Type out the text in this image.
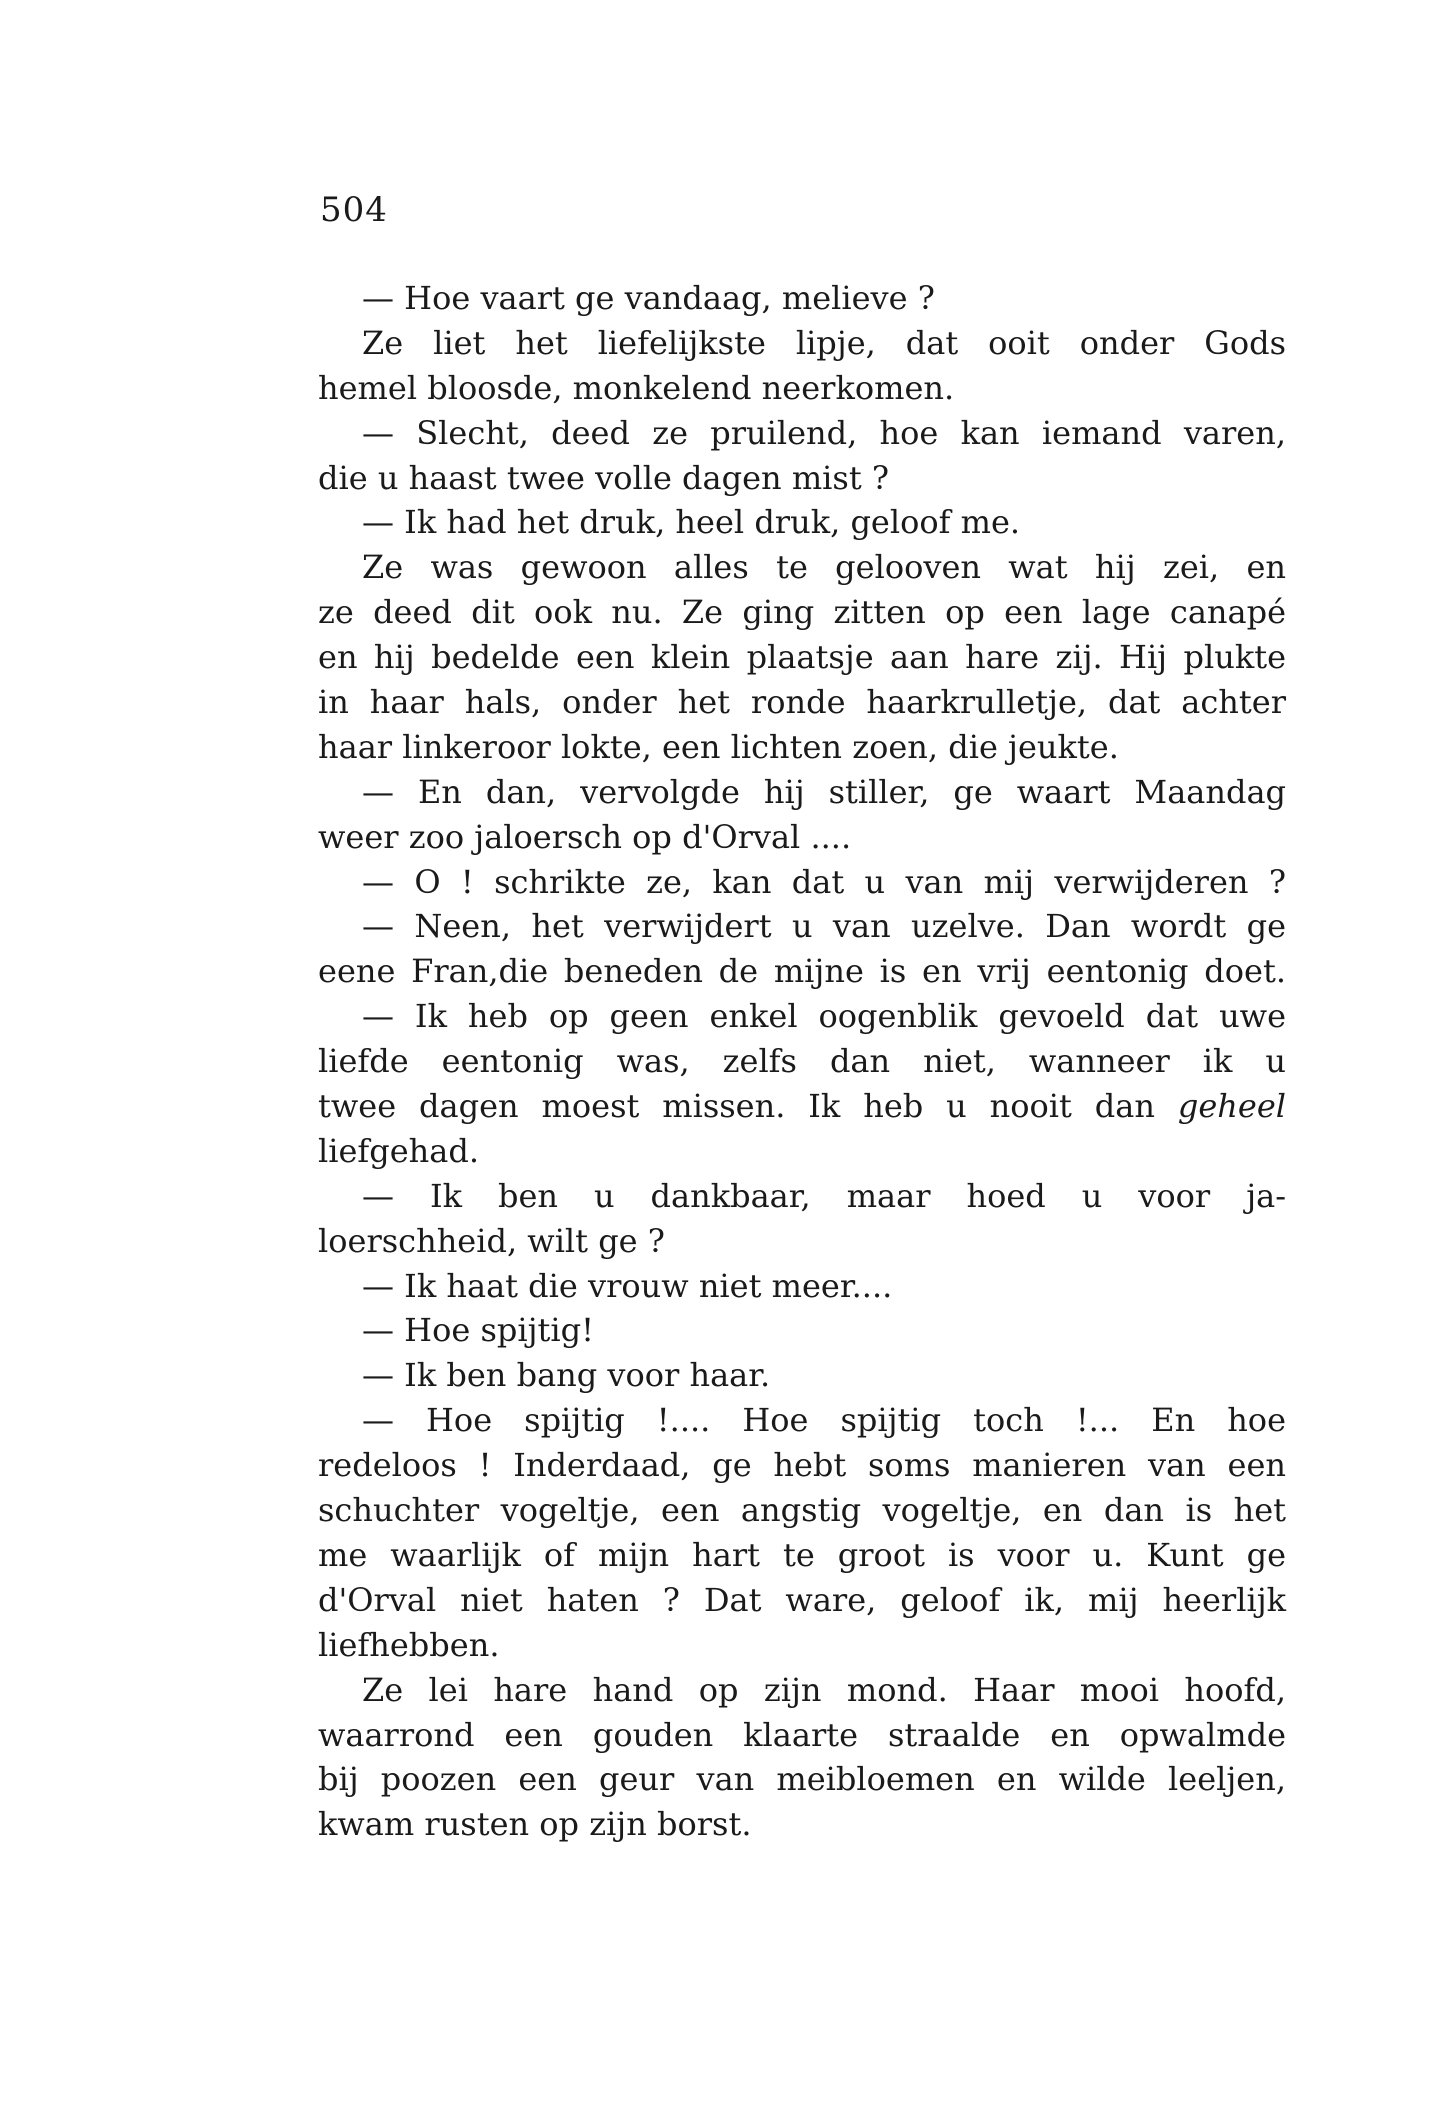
504
— Hoe vaart ge vandaag, melieve ?
Ze liet het liefelijkste lipje, dat ooit onder Gods
hemel bloosde, monkelend neerkomen.
— Slecht, deed ze pruilend, hoe kan iemand varen,
die u haast twee volle dagen mist ?
— Ik had het druk, heel druk, geloof me.
Ze was gewoon alles te gelooven wat hij zei, en
ze deed dit ook nu. Ze ging zitten op een lage canapé
en hij bedelde een klein plaatsje aan hare zij. Hij plukte
in haar hals, onder het ronde haarkrulletje, dat achter
haar linkeroor lokte, een lichten zoen, die jeukte.
— En dan, vervolgde hij stiller, ge waart Maandag
weer zoo jaloersch op d'Orval ....
— O ! schrikte ze, kan dat u van mij verwijderen ?
— Neen, het verwijdert u van uzelve. Dan wordt ge
eene Fran,die beneden de mijne is en vrij eentonig doet.
— Ik heb op geen enkel oogenblik gevoeld dat uwe
liefde eentonig was, zelfs dan niet, wanneer ik u
twee dagen moest missen. Ik heb u nooit dan geheel
liefgehad.
— Ik ben u dankbaar, maar hoed u voor ja-
loerschheid, wilt ge ?
— Ik haat die vrouw niet meer....
— Hoe spijtig!
— Ik ben bang voor haar.
— Hoe spijtig !.... Hoe spijtig toch !... En hoe
redeloos ! Inderdaad, ge hebt soms manieren van een
schuchter vogeltje, een angstig vogeltje, en dan is het
me waarlijk of mijn hart te groot is voor u. Kunt ge
d'Orval niet haten ? Dat ware, geloof ik, mij heerlijk
liefhebben.
Ze lei hare hand op zijn mond. Haar mooi hoofd,
waarrond een gouden klaarte straalde en opwalmde
bij poozen een geur van meibloemen en wilde leeljen,
kwam rusten op zijn borst.
